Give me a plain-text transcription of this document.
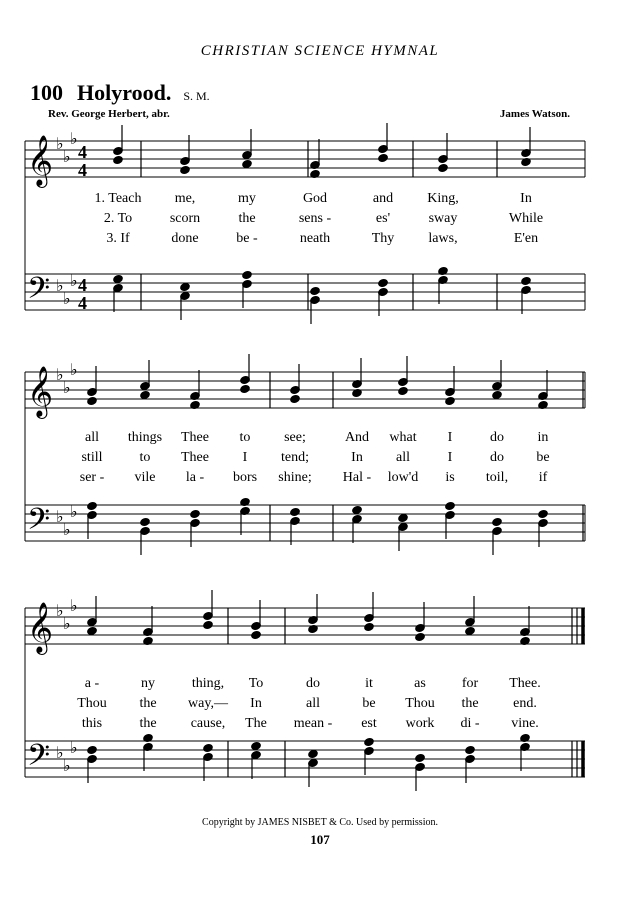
CHRISTIAN SCIENCE HYMNAL
100 Holyrood. S. M.
Rev. George Herbert, abr.	James Watson.
𝄞
𝄢
♭
♭
♭
♭
♭
♭
4
4
4
4
1. Teach me,	my	God	and King,	In
2. To	scorn	the	sens -	es'	sway	While
3. If	done	be -	neath	Thy laws,	E'en
𝄞
𝄢
♭
♭
♭
♭
♭
♭
all things Thee to see;	And what I	do in
still	to Thee I tend;	In all	I	do be
ser - vile la - bors shine; Hal - low'd is toil, if
𝄞
𝄢
♭
♭
♭
♭
♭
♭
a -	ny	thing, To	do	it	as	for Thee.
Thou the way,— In	all	be Thou the end.
this	the cause, The mean - est work di - vine.
Copyright by JAMES NISBET & Co. Used by permission.
107
